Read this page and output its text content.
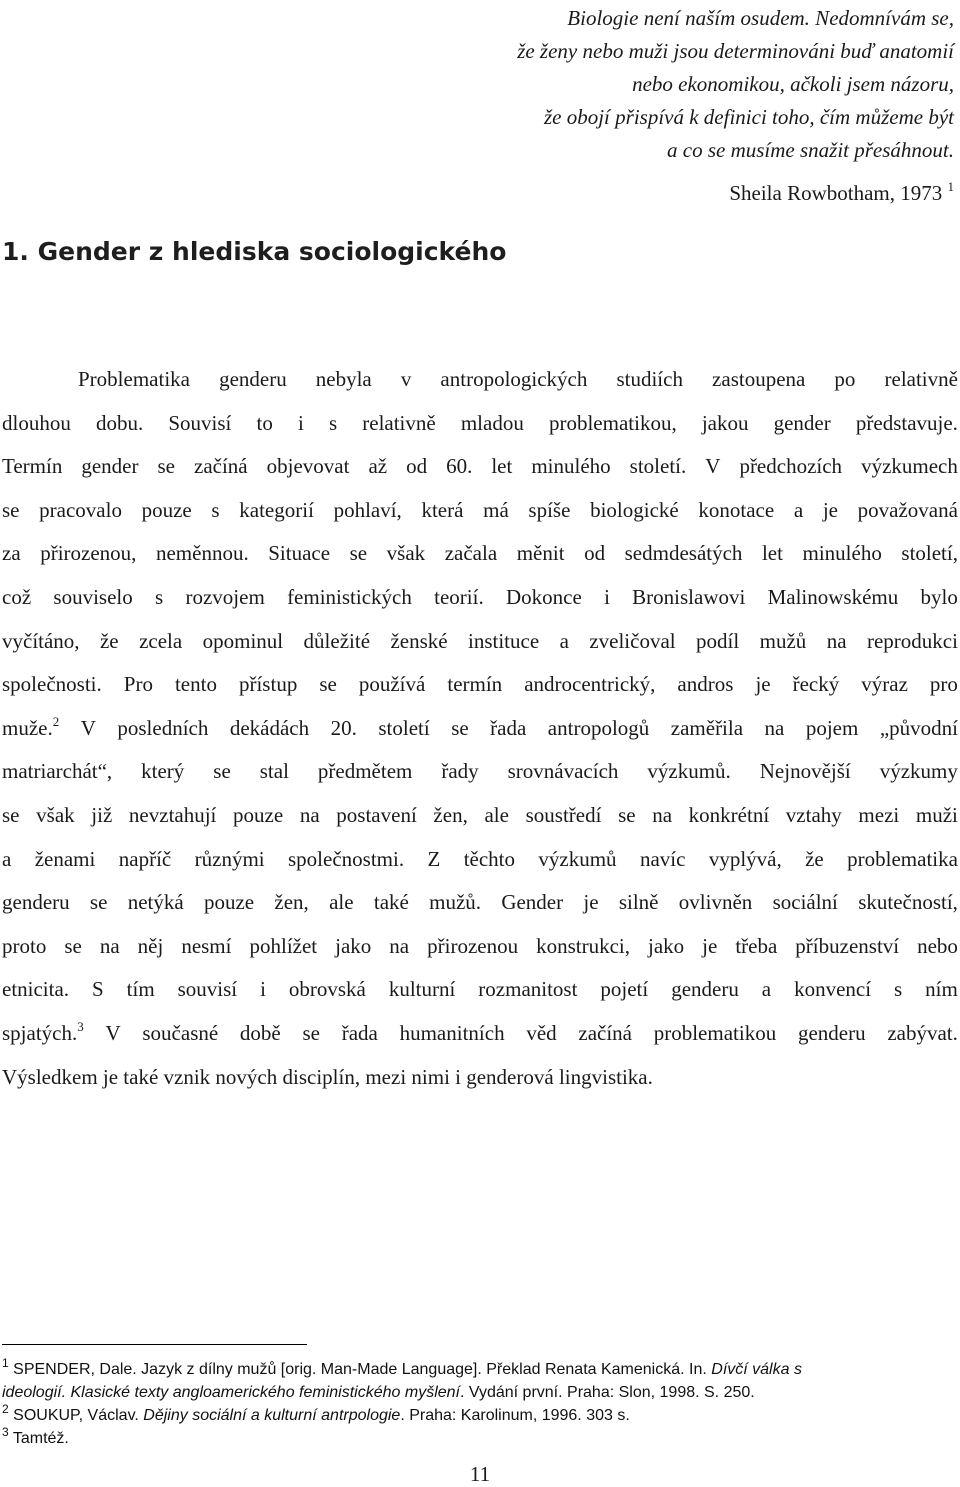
Biologie není naším osudem. Nedomnívám se,
že ženy nebo muži jsou determinováni buď anatomií
nebo ekonomikou, ačkoli jsem názoru,
že obojí přispívá k definici toho, čím můžeme být
a co se musíme snažit přesáhnout.
Sheila Rowbotham, 1973 $^1$
1. Gender z hlediska sociologického
Problematika genderu nebyla v antropologických studiích zastoupena po relativně
dlouhou dobu. Souvisí to i s relativně mladou problematikou, jakou gender představuje.
Termín gender se začíná objevovat až od 60. let minulého století. V předchozích výzkumech
se pracovalo pouze s kategorií pohlaví, která má spíše biologické konotace a je považovaná
za přirozenou, neměnnou. Situace se však začala měnit od sedmdesátých let minulého století,
což souviselo s rozvojem feministických teorií. Dokonce i Bronislawovi Malinowskému bylo
vyčítáno, že zcela opominul důležité ženské instituce a zveličoval podíl mužů na reprodukci
společnosti. Pro tento přístup se používá termín androcentrický, andros je řecký výraz pro
muže.$^2$ V posledních dekádách 20. století se řada antropologů zaměřila na pojem „původní
matriarchát“, který se stal předmětem řady srovnávacích výzkumů. Nejnovější výzkumy
se však již nevztahují pouze na postavení žen, ale soustředí se na konkrétní vztahy mezi muži
a ženami napříč různými společnostmi. Z těchto výzkumů navíc vyplývá, že problematika
genderu se netýká pouze žen, ale také mužů. Gender je silně ovlivněn sociální skutečností,
proto se na něj nesmí pohlížet jako na přirozenou konstrukci, jako je třeba příbuzenství nebo
etnicita. S tím souvisí i obrovská kulturní rozmanitost pojetí genderu a konvencí s ním
spjatých.$^3$ V současné době se řada humanitních věd začíná problematikou genderu zabývat.
Výsledkem je také vznik nových disciplín, mezi nimi i genderová lingvistika.
$^1$ SPENDER, Dale. Jazyk z dílny mužů [orig. Man-Made Language]. Překlad Renata Kamenická. In. Dívčí válka s
ideologií. Klasické texty angloamerického feministického myšlení. Vydání první. Praha: Slon, 1998. S. 250.
$^2$ SOUKUP, Václav. Dějiny sociální a kulturní antrpologie. Praha: Karolinum, 1996. 303 s.
$^3$ Tamtéž.
11
